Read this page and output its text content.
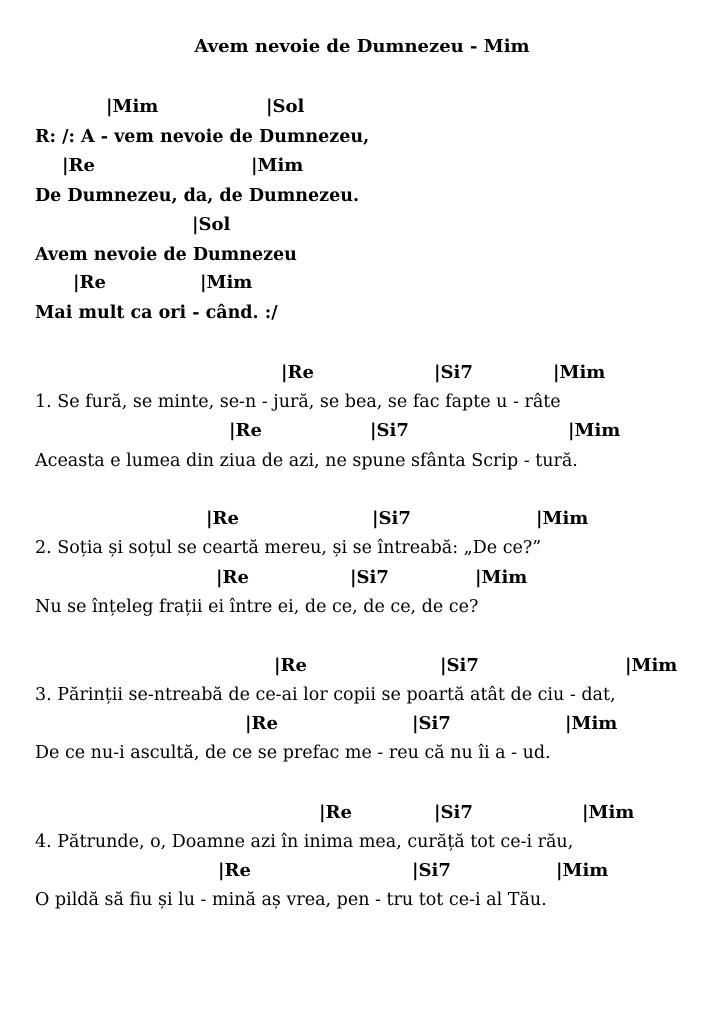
Avem nevoie de Dumnezeu - Mim
|Mim	|Sol
R: /: A - vem nevoie de Dumnezeu,
|Re	|Mim
De Dumnezeu, da, de Dumnezeu.
|Sol
Avem nevoie de Dumnezeu
|Re	|Mim
Mai mult ca ori - când. :/
|Re	|Si7	|Mim
1. Se fură, se minte, se-n - jură, se bea, se fac fapte u - râte
|Re	|Si7	|Mim
Aceasta e lumea din ziua de azi, ne spune sfânta Scrip - tură.
|Re	|Si7	|Mim
2. Soția și soțul se ceartă mereu, și se întreabă: „De ce?”
|Re	|Si7	|Mim
Nu se înțeleg frații ei între ei, de ce, de ce, de ce?
|Re	|Si7	|Mim
3. Părinții se-ntreabă de ce-ai lor copii se poartă atât de ciu - dat,
|Re	|Si7	|Mim
De ce nu-i ascultă, de ce se prefac me - reu că nu îi a - ud.
|Re	|Si7	|Mim
4. Pătrunde, o, Doamne azi în inima mea, curăță tot ce-i rău,
|Re	|Si7	|Mim
O pildă să fiu și lu - mină aș vrea, pen - tru tot ce-i al Tău.
